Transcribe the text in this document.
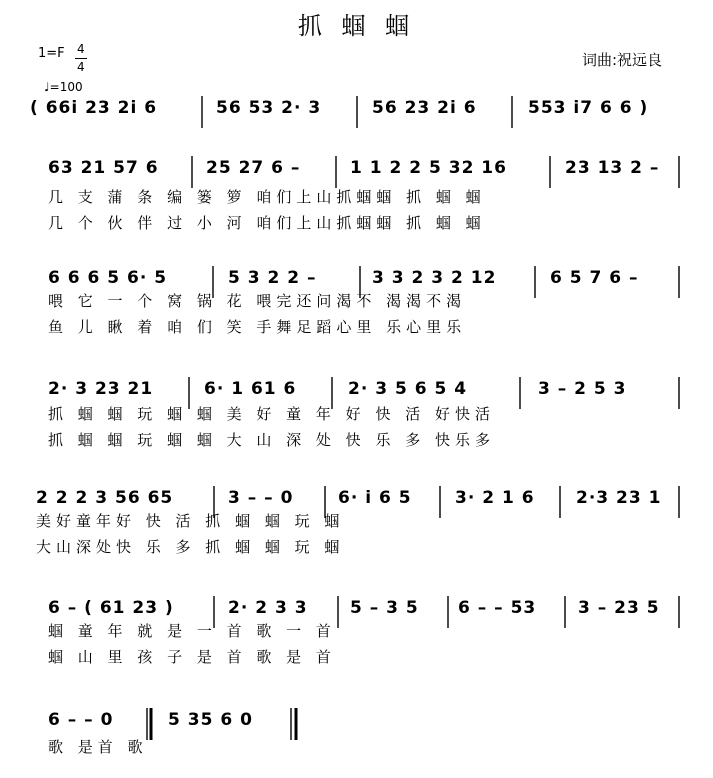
抓 蝈 蝈
1=F 4
4
♩=100
词曲:祝远良
( 66i 23 2i 6	56 53 2· 3	56 23 2i 6	553 i7 6 6 )
63 21 57 6	25 27 6 –	1 1 2 2 5 32 16	23 13 2 –
几 支 蒲 条 编 篓 箩 咱们上山抓蝈蝈 抓 蝈 蝈
几 个 伙 伴 过 小 河 咱们上山抓蝈蝈 抓 蝈 蝈
6 6 6 5 6· 5	5 3 2 2 –	3 3 2 3 2 12	6 5 7 6 –
喂 它 一 个 窝 锅 花 喂完还问渴不 渴渴不渴
鱼 儿 瞅 着 咱 们 笑 手舞足蹈心里 乐心里乐
2· 3 23 21	6· 1 61 6	2· 3 5 6 5 4	3 – 2 5 3
抓 蝈 蝈 玩 蝈 蝈 美 好 童 年 好 快 活 好快活
抓 蝈 蝈 玩 蝈 蝈 大 山 深 处 快 乐 多 快乐多
2 2 2 3 56 65	3 – – 0	6· i 6 5	3· 2 1 6 2·3 23 1
美好童年好 快 活 抓 蝈 蝈 玩 蝈
大山深处快 乐 多 抓 蝈 蝈 玩 蝈
6 – ( 61 23 )	2· 2 3 3 5 – 3 5 6 – – 53 3 – 23 5
蝈 童 年 就 是 一 首 歌 一 首
蝈 山 里 孩 子 是 首 歌 是 首
6 – – 0	5 35 6 0
歌 是首 歌
